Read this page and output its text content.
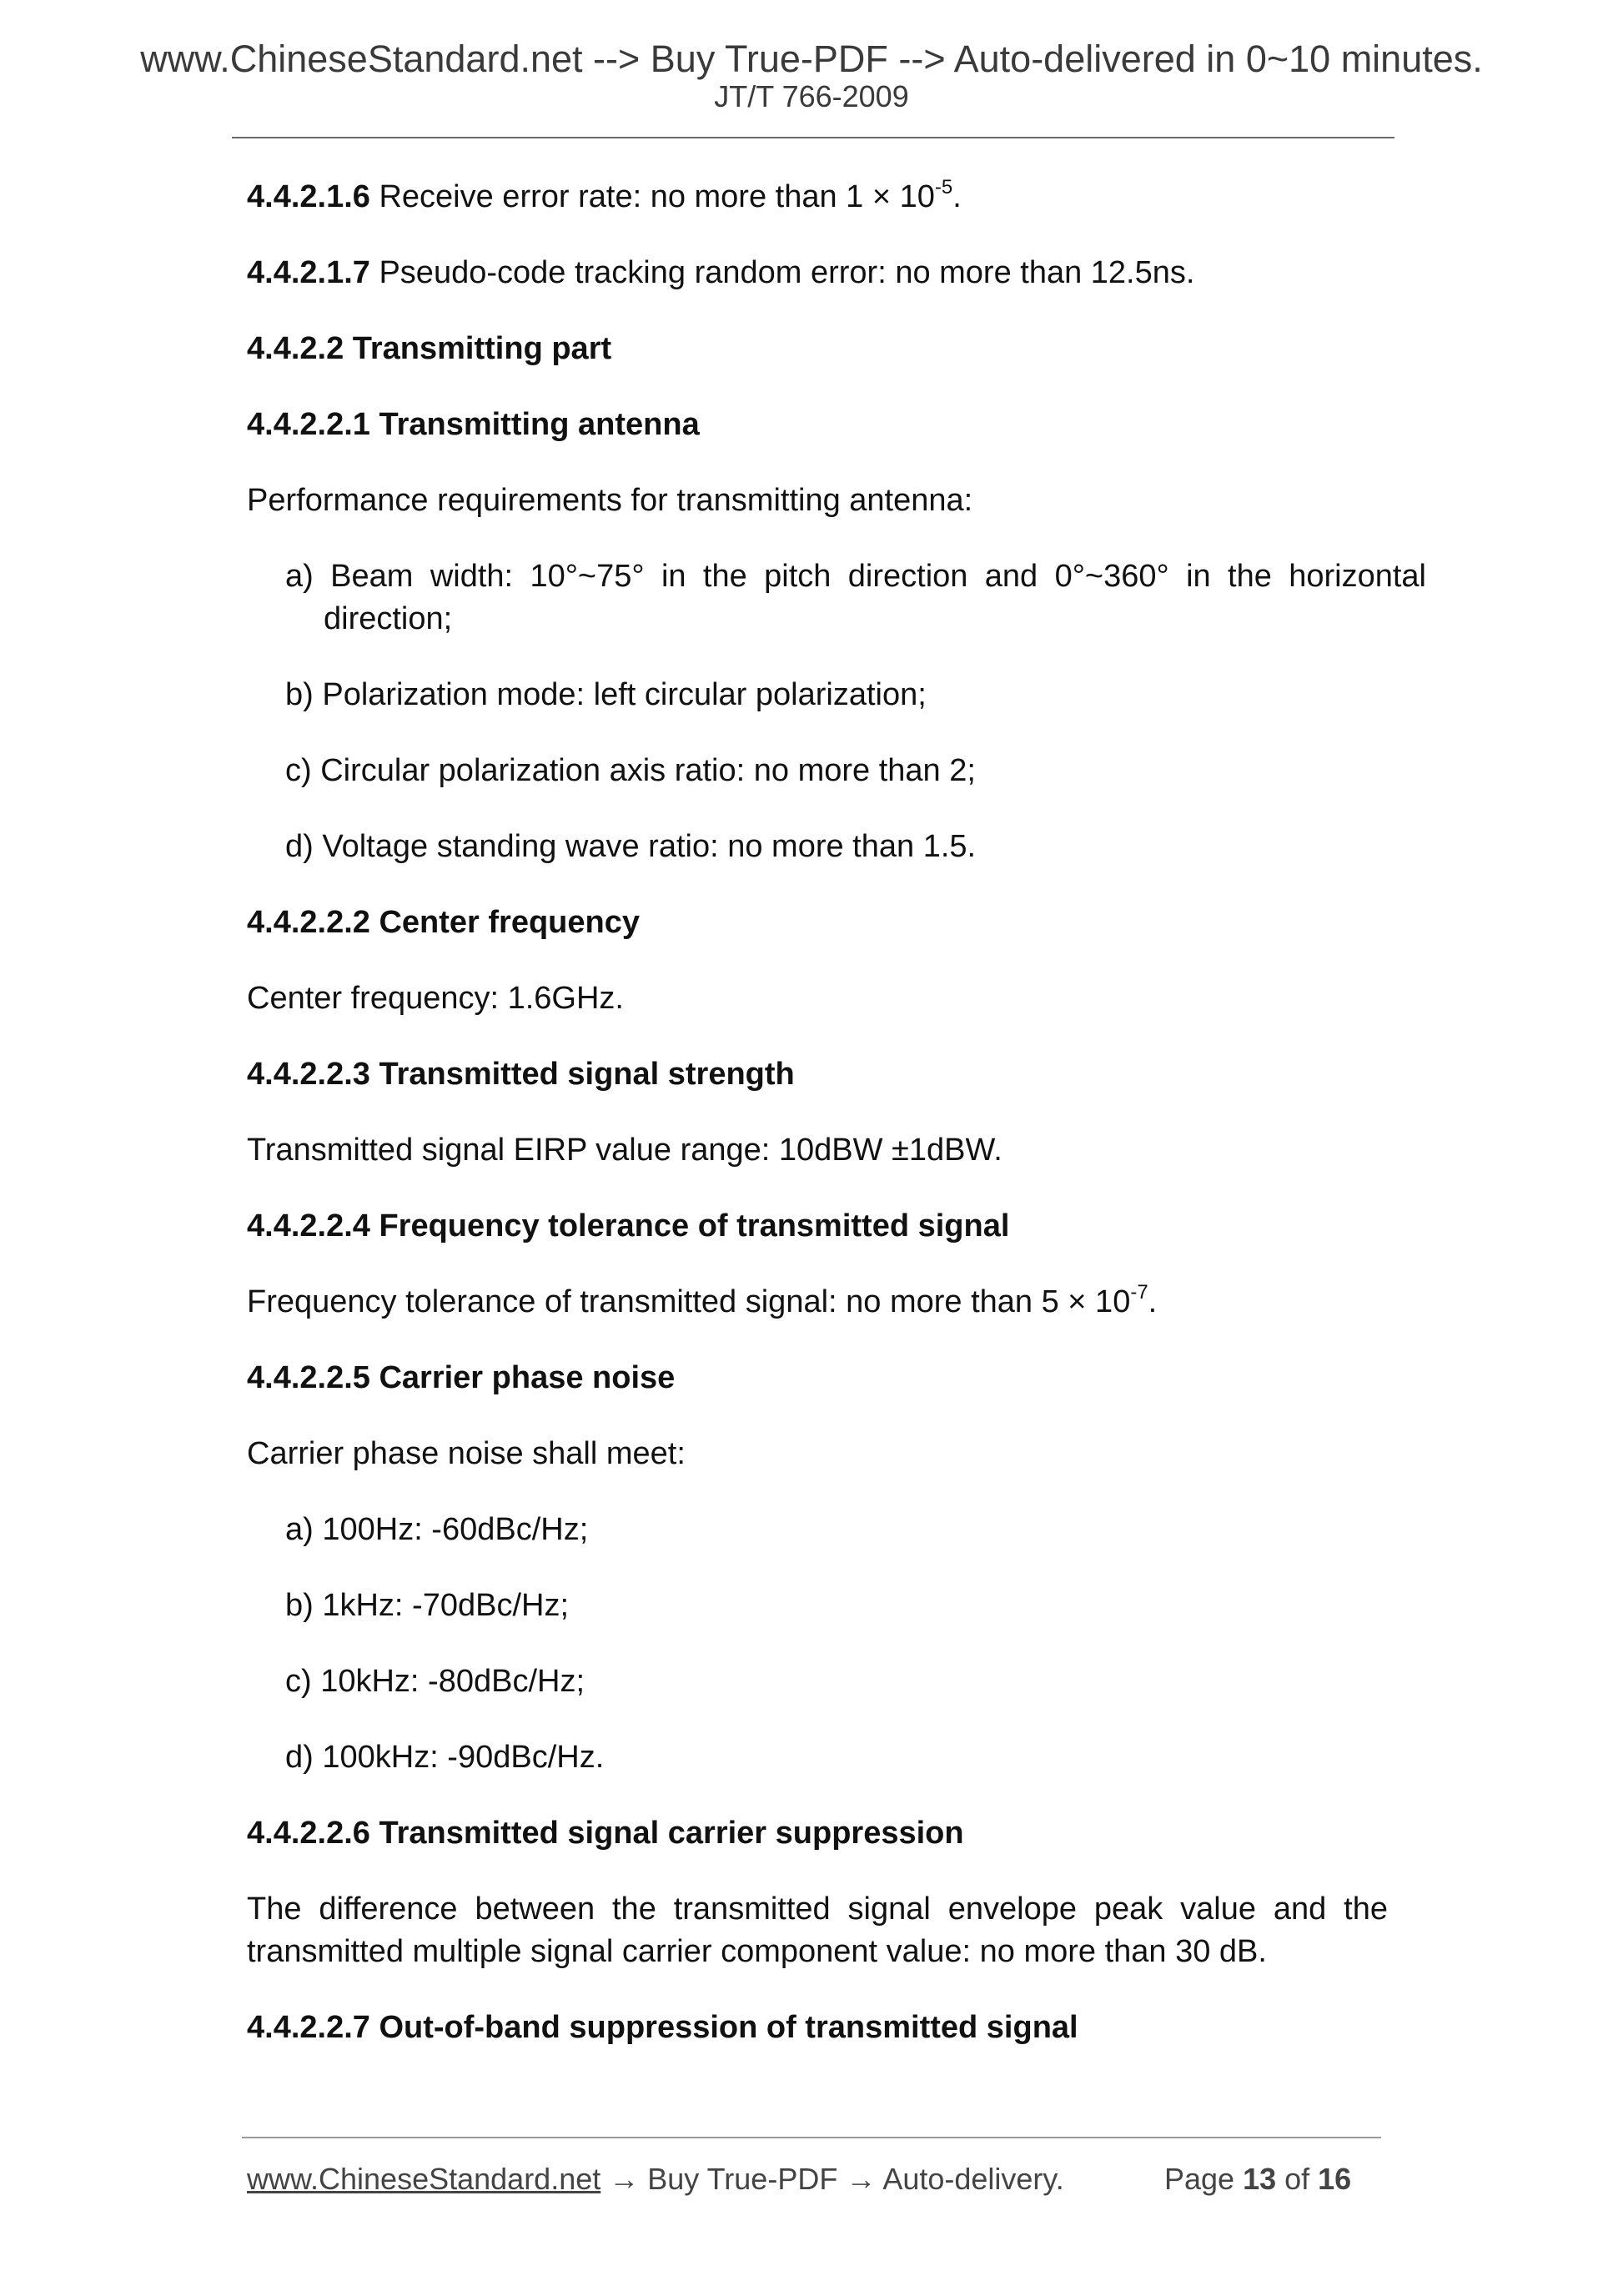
www.ChineseStandard.net --> Buy True-PDF --> Auto-delivered in 0~10 minutes.
JT/T 766-2009
4.4.2.1.6 Receive error rate: no more than $1 \times 10^{-5}$.
4.4.2.1.7 Pseudo-code tracking random error: no more than 12.5ns.
4.4.2.2 Transmitting part
4.4.2.2.1 Transmitting antenna
Performance requirements for transmitting antenna:
a) Beam width: 10°~75° in the pitch direction and 0°~360° in the horizontal direction;
b) Polarization mode: left circular polarization;
c) Circular polarization axis ratio: no more than 2;
d) Voltage standing wave ratio: no more than 1.5.
4.4.2.2.2 Center frequency
Center frequency: 1.6GHz.
4.4.2.2.3 Transmitted signal strength
Transmitted signal EIRP value range: 10dBW ±1dBW.
4.4.2.2.4 Frequency tolerance of transmitted signal
Frequency tolerance of transmitted signal: no more than $5 \times 10^{-7}$.
4.4.2.2.5 Carrier phase noise
Carrier phase noise shall meet:
a) 100Hz: -60dBc/Hz;
b) 1kHz: -70dBc/Hz;
c) 10kHz: -80dBc/Hz;
d) 100kHz: -90dBc/Hz.
4.4.2.2.6 Transmitted signal carrier suppression
The difference between the transmitted signal envelope peak value and the transmitted multiple signal carrier component value: no more than 30 dB.
4.4.2.2.7 Out-of-band suppression of transmitted signal
www.ChineseStandard.net → Buy True-PDF → Auto-delivery.	Page 13 of 16
